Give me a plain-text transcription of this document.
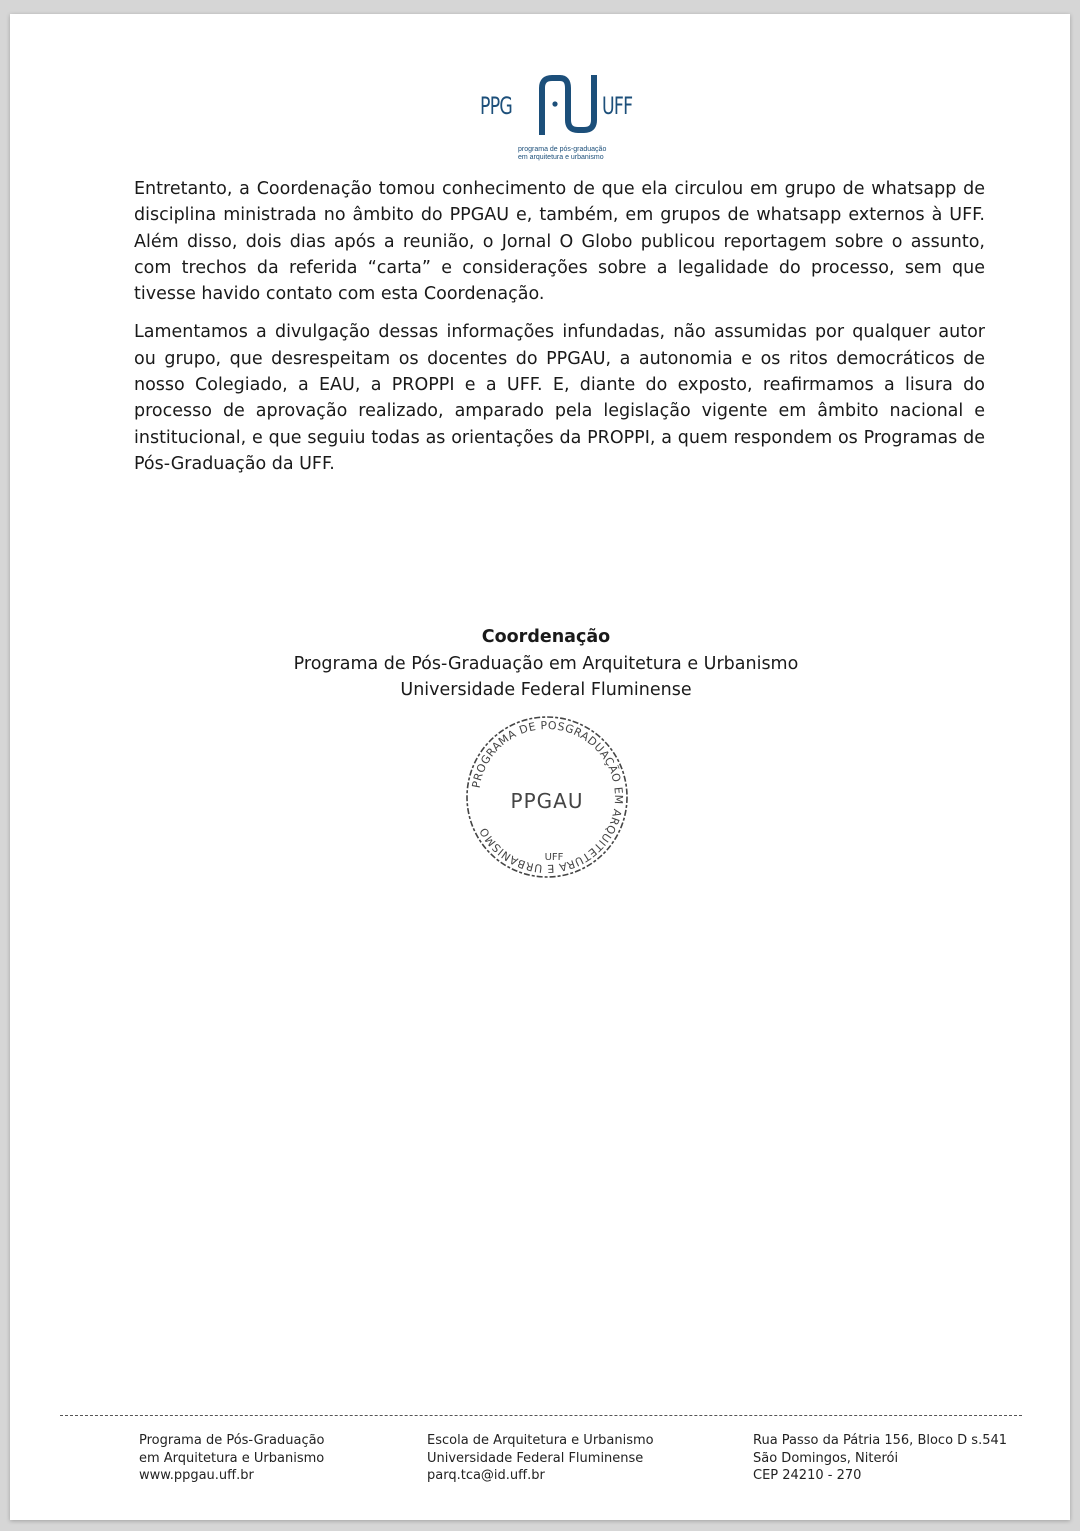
PPG	UFF
programa de pós-graduação
em arquitetura e urbanismo

Entretanto, a Coordenação tomou conhecimento de que ela circulou em grupo de whatsapp de disciplina ministrada no âmbito do PPGAU e, também, em grupos de whatsapp externos à UFF. Além disso, dois dias após a reunião, o Jornal O Globo publicou reportagem sobre o assunto, com trechos da referida “carta” e considerações sobre a legalidade do processo, sem que tivesse havido contato com esta Coordenação.

Lamentamos a divulgação dessas informações infundadas, não assumidas por qualquer autor ou grupo, que desrespeitam os docentes do PPGAU, a autonomia e os ritos democráticos de nosso Colegiado, a EAU, a PROPPI e a UFF. E, diante do exposto, reafirmamos a lisura do processo de aprovação realizado, amparado pela legislação vigente em âmbito nacional e institucional, e que seguiu todas as orientações da PROPPI, a quem respondem os Programas de Pós-Graduação da UFF.

Coordenação
Programa de Pós-Graduação em Arquitetura e Urbanismo
Universidade Federal Fluminense
PROGRAMA DE POSGRADUAÇÃO EM ARQUITETURA E URBANISMO
PPGAU
UFF
Programa de Pós-Graduação
em Arquitetura e Urbanismo
www.ppgau.uff.br
Escola de Arquitetura e Urbanismo
Universidade Federal Fluminense
parq.tca@id.uff.br
Rua Passo da Pátria 156, Bloco D s.541
São Domingos, Niterói
CEP 24210 - 270
